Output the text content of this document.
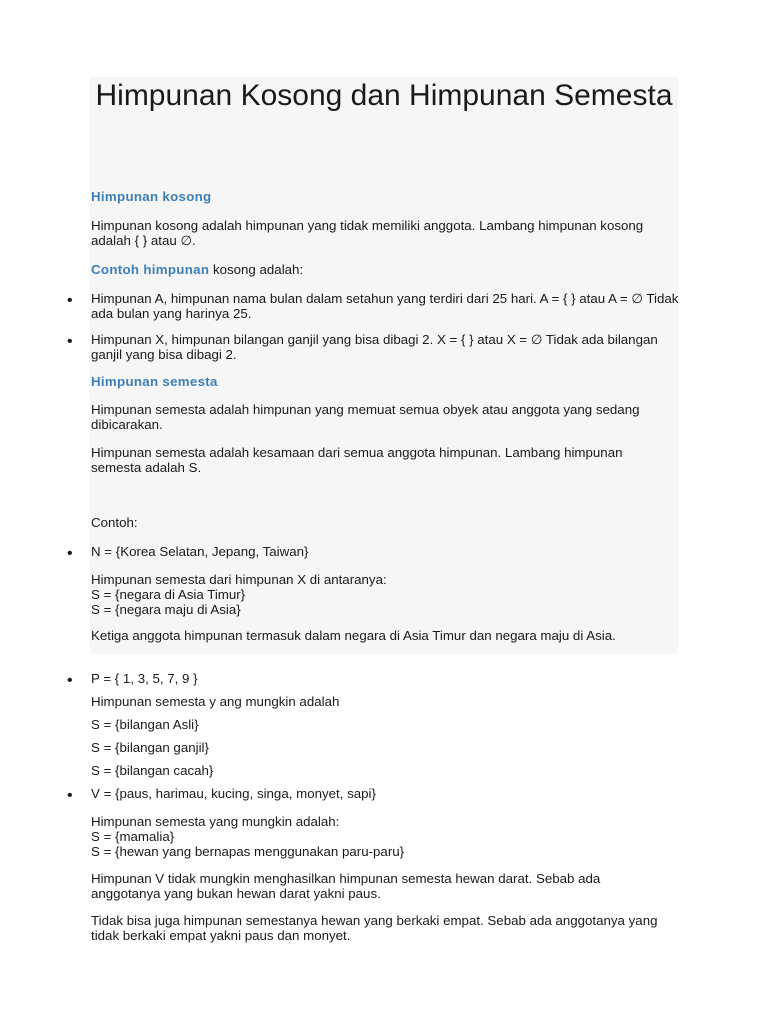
Himpunan Kosong dan Himpunan Semesta

Himpunan kosong

Himpunan kosong adalah himpunan yang tidak memiliki anggota. Lambang himpunan kosong adalah { } atau ∅.

Contoh himpunan kosong adalah:

• Himpunan A, himpunan nama bulan dalam setahun yang terdiri dari 25 hari. A = { } atau A = ∅ Tidak ada bulan yang harinya 25.

• Himpunan X, himpunan bilangan ganjil yang bisa dibagi 2. X = { } atau X = ∅ Tidak ada bilangan ganjil yang bisa dibagi 2.

Himpunan semesta

Himpunan semesta adalah himpunan yang memuat semua obyek atau anggota yang sedang dibicarakan.

Himpunan semesta adalah kesamaan dari semua anggota himpunan. Lambang himpunan semesta adalah S.

Contoh:

• N = {Korea Selatan, Jepang, Taiwan}

Himpunan semesta dari himpunan X di antaranya:
S = {negara di Asia Timur}
S = {negara maju di Asia}

Ketiga anggota himpunan termasuk dalam negara di Asia Timur dan negara maju di Asia.

• P = { 1, 3, 5, 7, 9 }

Himpunan semesta y ang mungkin adalah

S = {bilangan Asli}

S = {bilangan ganjil}

S = {bilangan cacah}

• V = {paus, harimau, kucing, singa, monyet, sapi}

Himpunan semesta yang mungkin adalah:
S = {mamalia}
S = {hewan yang bernapas menggunakan paru-paru}

Himpunan V tidak mungkin menghasilkan himpunan semesta hewan darat. Sebab ada anggotanya yang bukan hewan darat yakni paus.

Tidak bisa juga himpunan semestanya hewan yang berkaki empat. Sebab ada anggotanya yang tidak berkaki empat yakni paus dan monyet.
